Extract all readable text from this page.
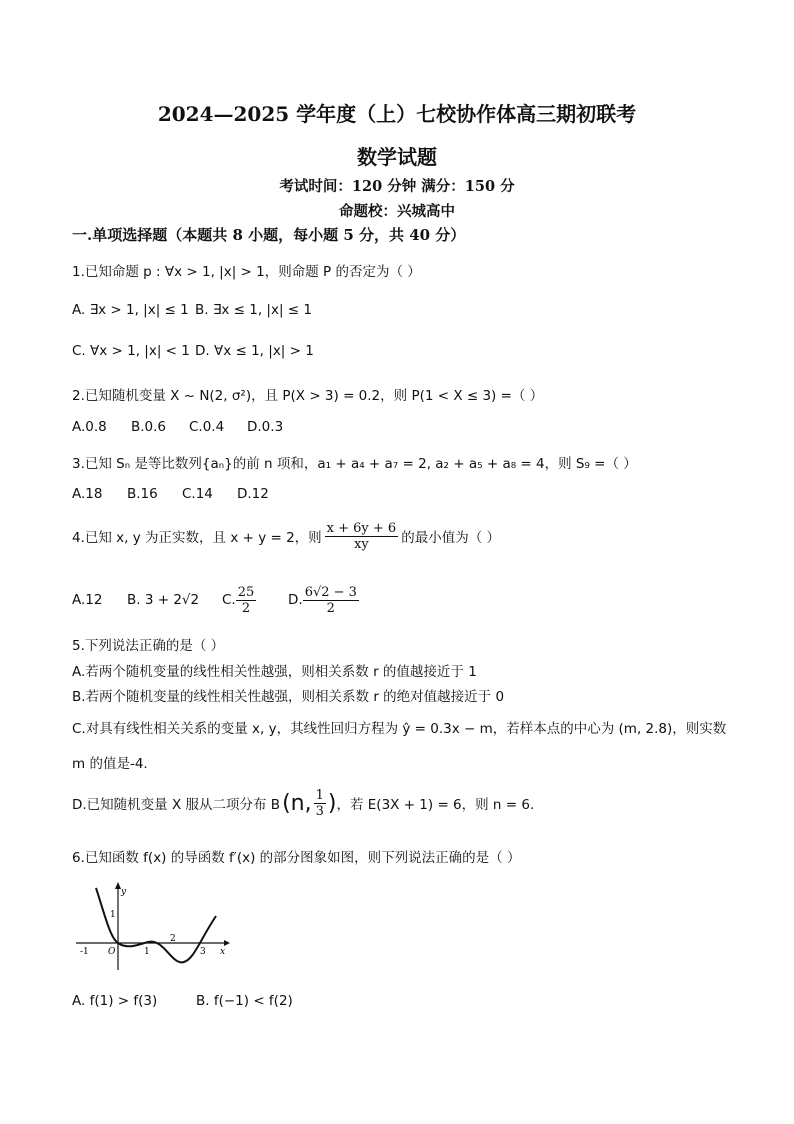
2024—2025 学年度（上）七校协作体高三期初联考
数学试题
考试时间：120 分钟 满分：150 分
命题校：兴城高中
一.单项选择题（本题共 8 小题，每小题 5 分，共 40 分）
1.已知命题 p : ∀x > 1, |x| > 1，则命题 P 的否定为（ ）
A. ∃x > 1, |x| ≤ 1 B. ∃x ≤ 1, |x| ≤ 1
C. ∀x > 1, |x| < 1 D. ∀x ≤ 1, |x| > 1
2.已知随机变量 X ~ N(2, σ²)，且 P(X > 3) = 0.2，则 P(1 < X ≤ 3) =（ ）
A.0.8 B.0.6 C.0.4 D.0.3
3.已知 Sₙ 是等比数列{aₙ}的前 n 项和，a₁ + a₄ + a₇ = 2, a₂ + a₅ + a₈ = 4，则 S₉ =（ ）
A.18 B.16 C.14 D.12
4.已知 x, y 为正实数，且 x + y = 2，则 $\frac{x + 6y + 6}{xy}$ 的最小值为（ ）
A.12 B. 3 + 2√2 C. $\frac{25}{2} D$. $\frac{6√2 - 3}{2}$
5.下列说法正确的是（ ）
A.若两个随机变量的线性相关性越强，则相关系数 r 的值越接近于 1
B.若两个随机变量的线性相关性越强，则相关系数 r 的绝对值越接近于 0
C.对具有线性相关关系的变量 x, y，其线性回归方程为 ŷ = 0.3x − m，若样本点的中心为 (m, 2.8)，则实数
m 的值是-4.
D.已知随机变量 X 服从二项分布 B (n, $\frac{1}{3}$ ) ，若 E(3X + 1) = 6，则 n = 6.
6.已知函数 f(x) 的导函数 f′(x) 的部分图象如图，则下列说法正确的是（ ）
y
1
-1 O	1
2
3 x
A. f(1) > f(3)	B. f(−1) < f(2)
